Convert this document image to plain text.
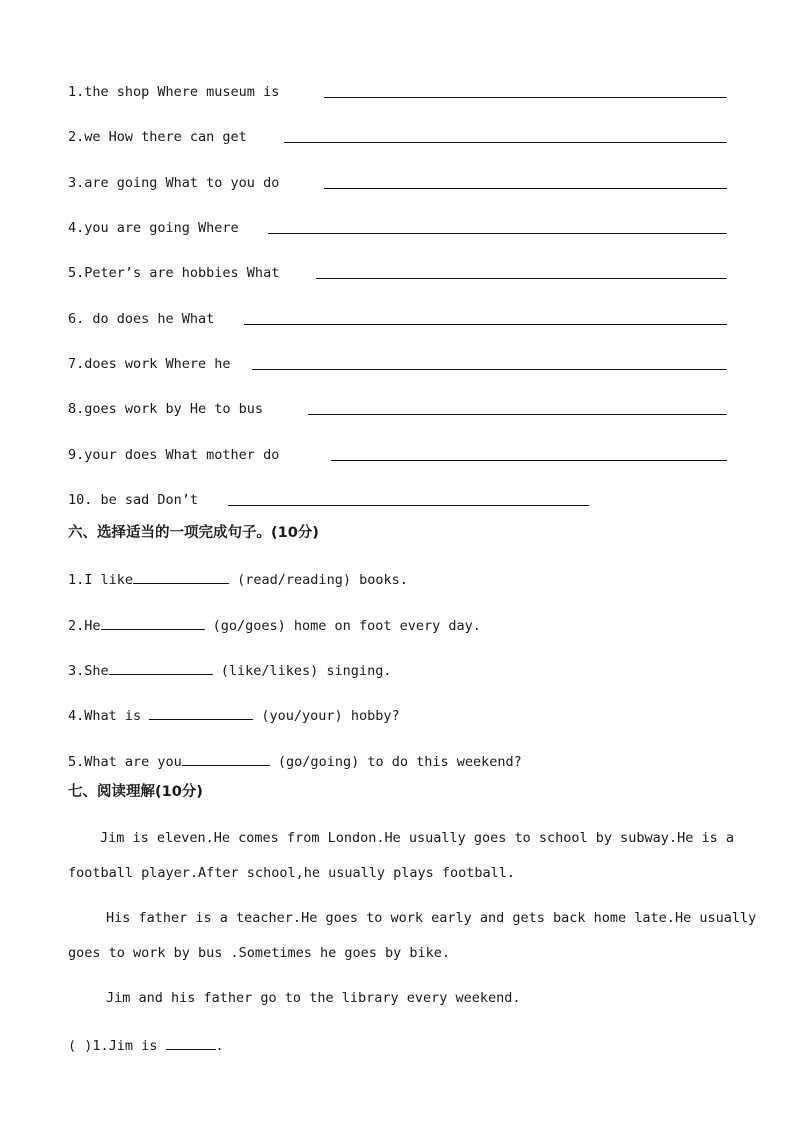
1.the shop Where museum is
2.we How there can get
3.are going What to you do
4.you are going Where
5.Peter’s are hobbies What
6. do does he What
7.does work Where he
8.goes work by He to bus
9.your does What mother do
10. be sad Don’t
六、选择适当的一项完成句子。(10分)
1.I like	(read/reading) books.
2.He	(go/goes) home on foot every day.
3.She	(like/likes) singing.
4.What is	(you/your) hobby?
5.What are you	(go/going) to do this weekend?
七、阅读理解(10分)
Jim is eleven.He comes from London.He usually goes to school by subway.He is a
football player.After school,he usually plays football.
His father is a teacher.He goes to work early and gets back home late.He usually
goes to work by bus .Sometimes he goes by bike.
Jim and his father go to the library every weekend.
( )1.Jim is	.
